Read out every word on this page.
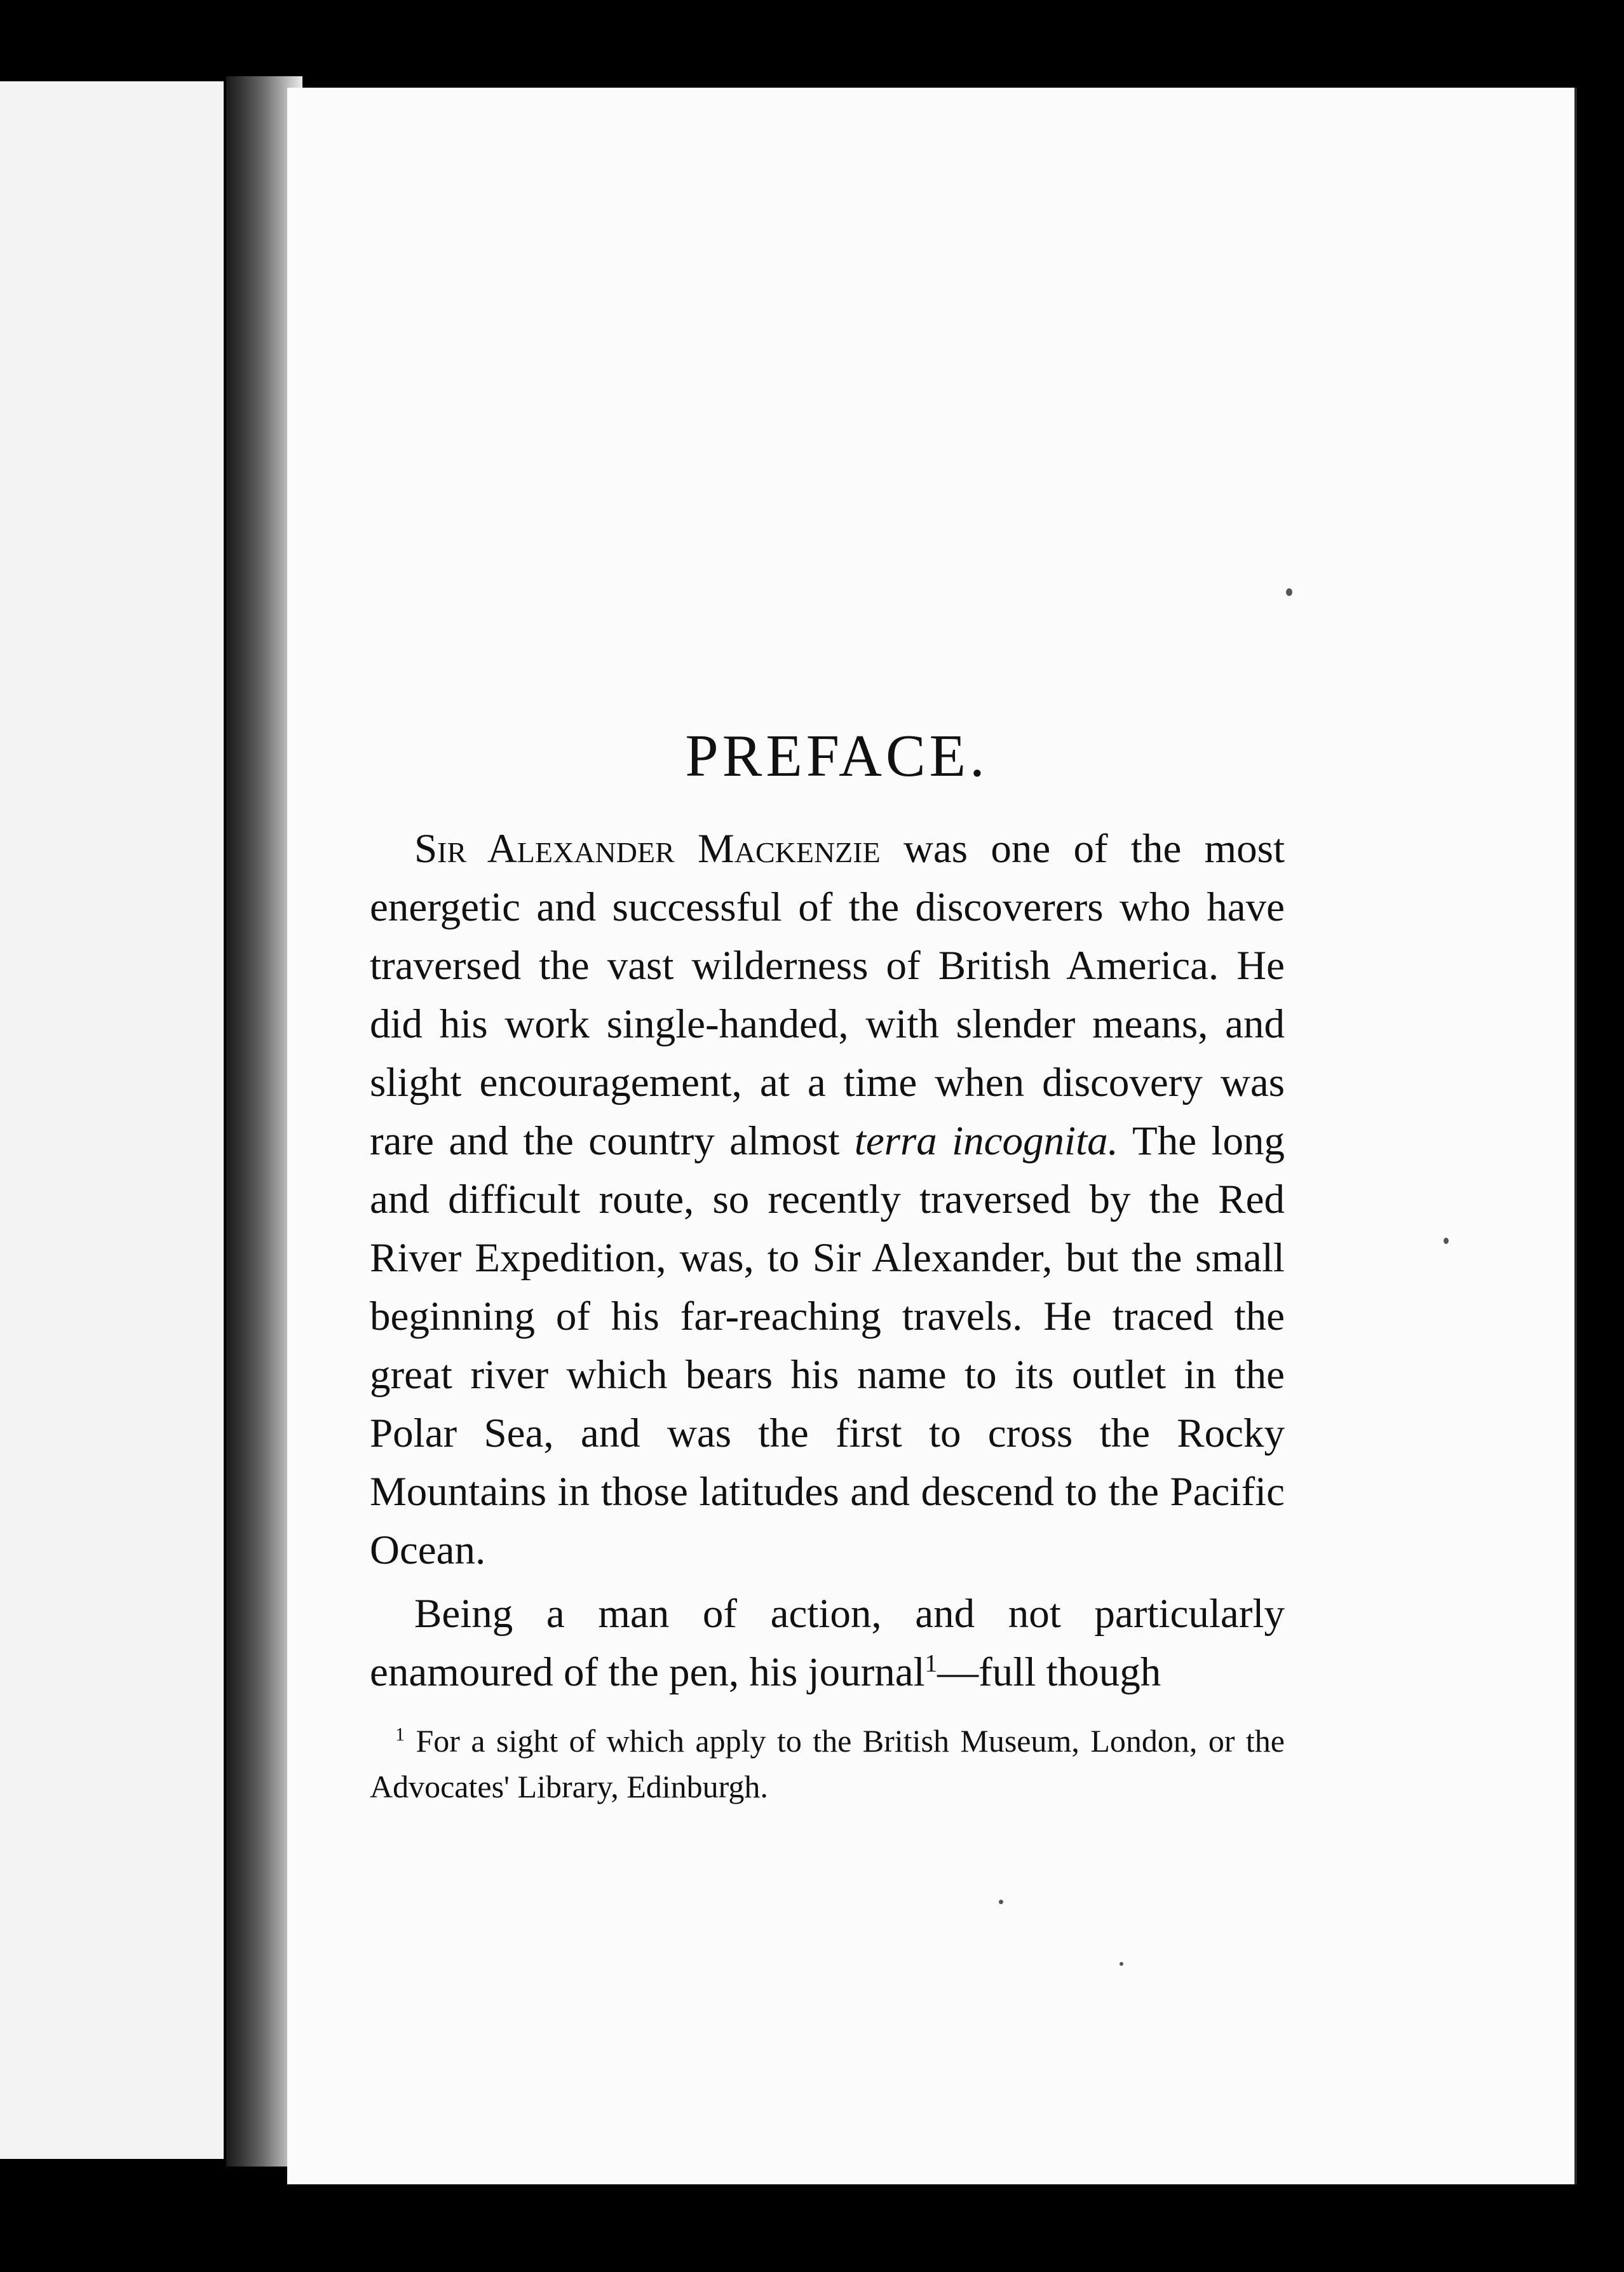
PREFACE.

Sir Alexander Mackenzie was one of the most energetic and successful of the discoverers who have traversed the vast wilderness of British America. He did his work single-handed, with slender means, and slight encouragement, at a time when discovery was rare and the country almost terra incognita. The long and difficult route, so recently traversed by the Red River Expedition, was, to Sir Alexander, but the small beginning of his far-reaching travels. He traced the great river which bears his name to its outlet in the Polar Sea, and was the first to cross the Rocky Mountains in those latitudes and descend to the Pacific Ocean.

Being a man of action, and not particularly enamoured of the pen, his journal$^1$—full though

$^1$ For a sight of which apply to the British Museum, London, or the Advocates' Library, Edinburgh.
